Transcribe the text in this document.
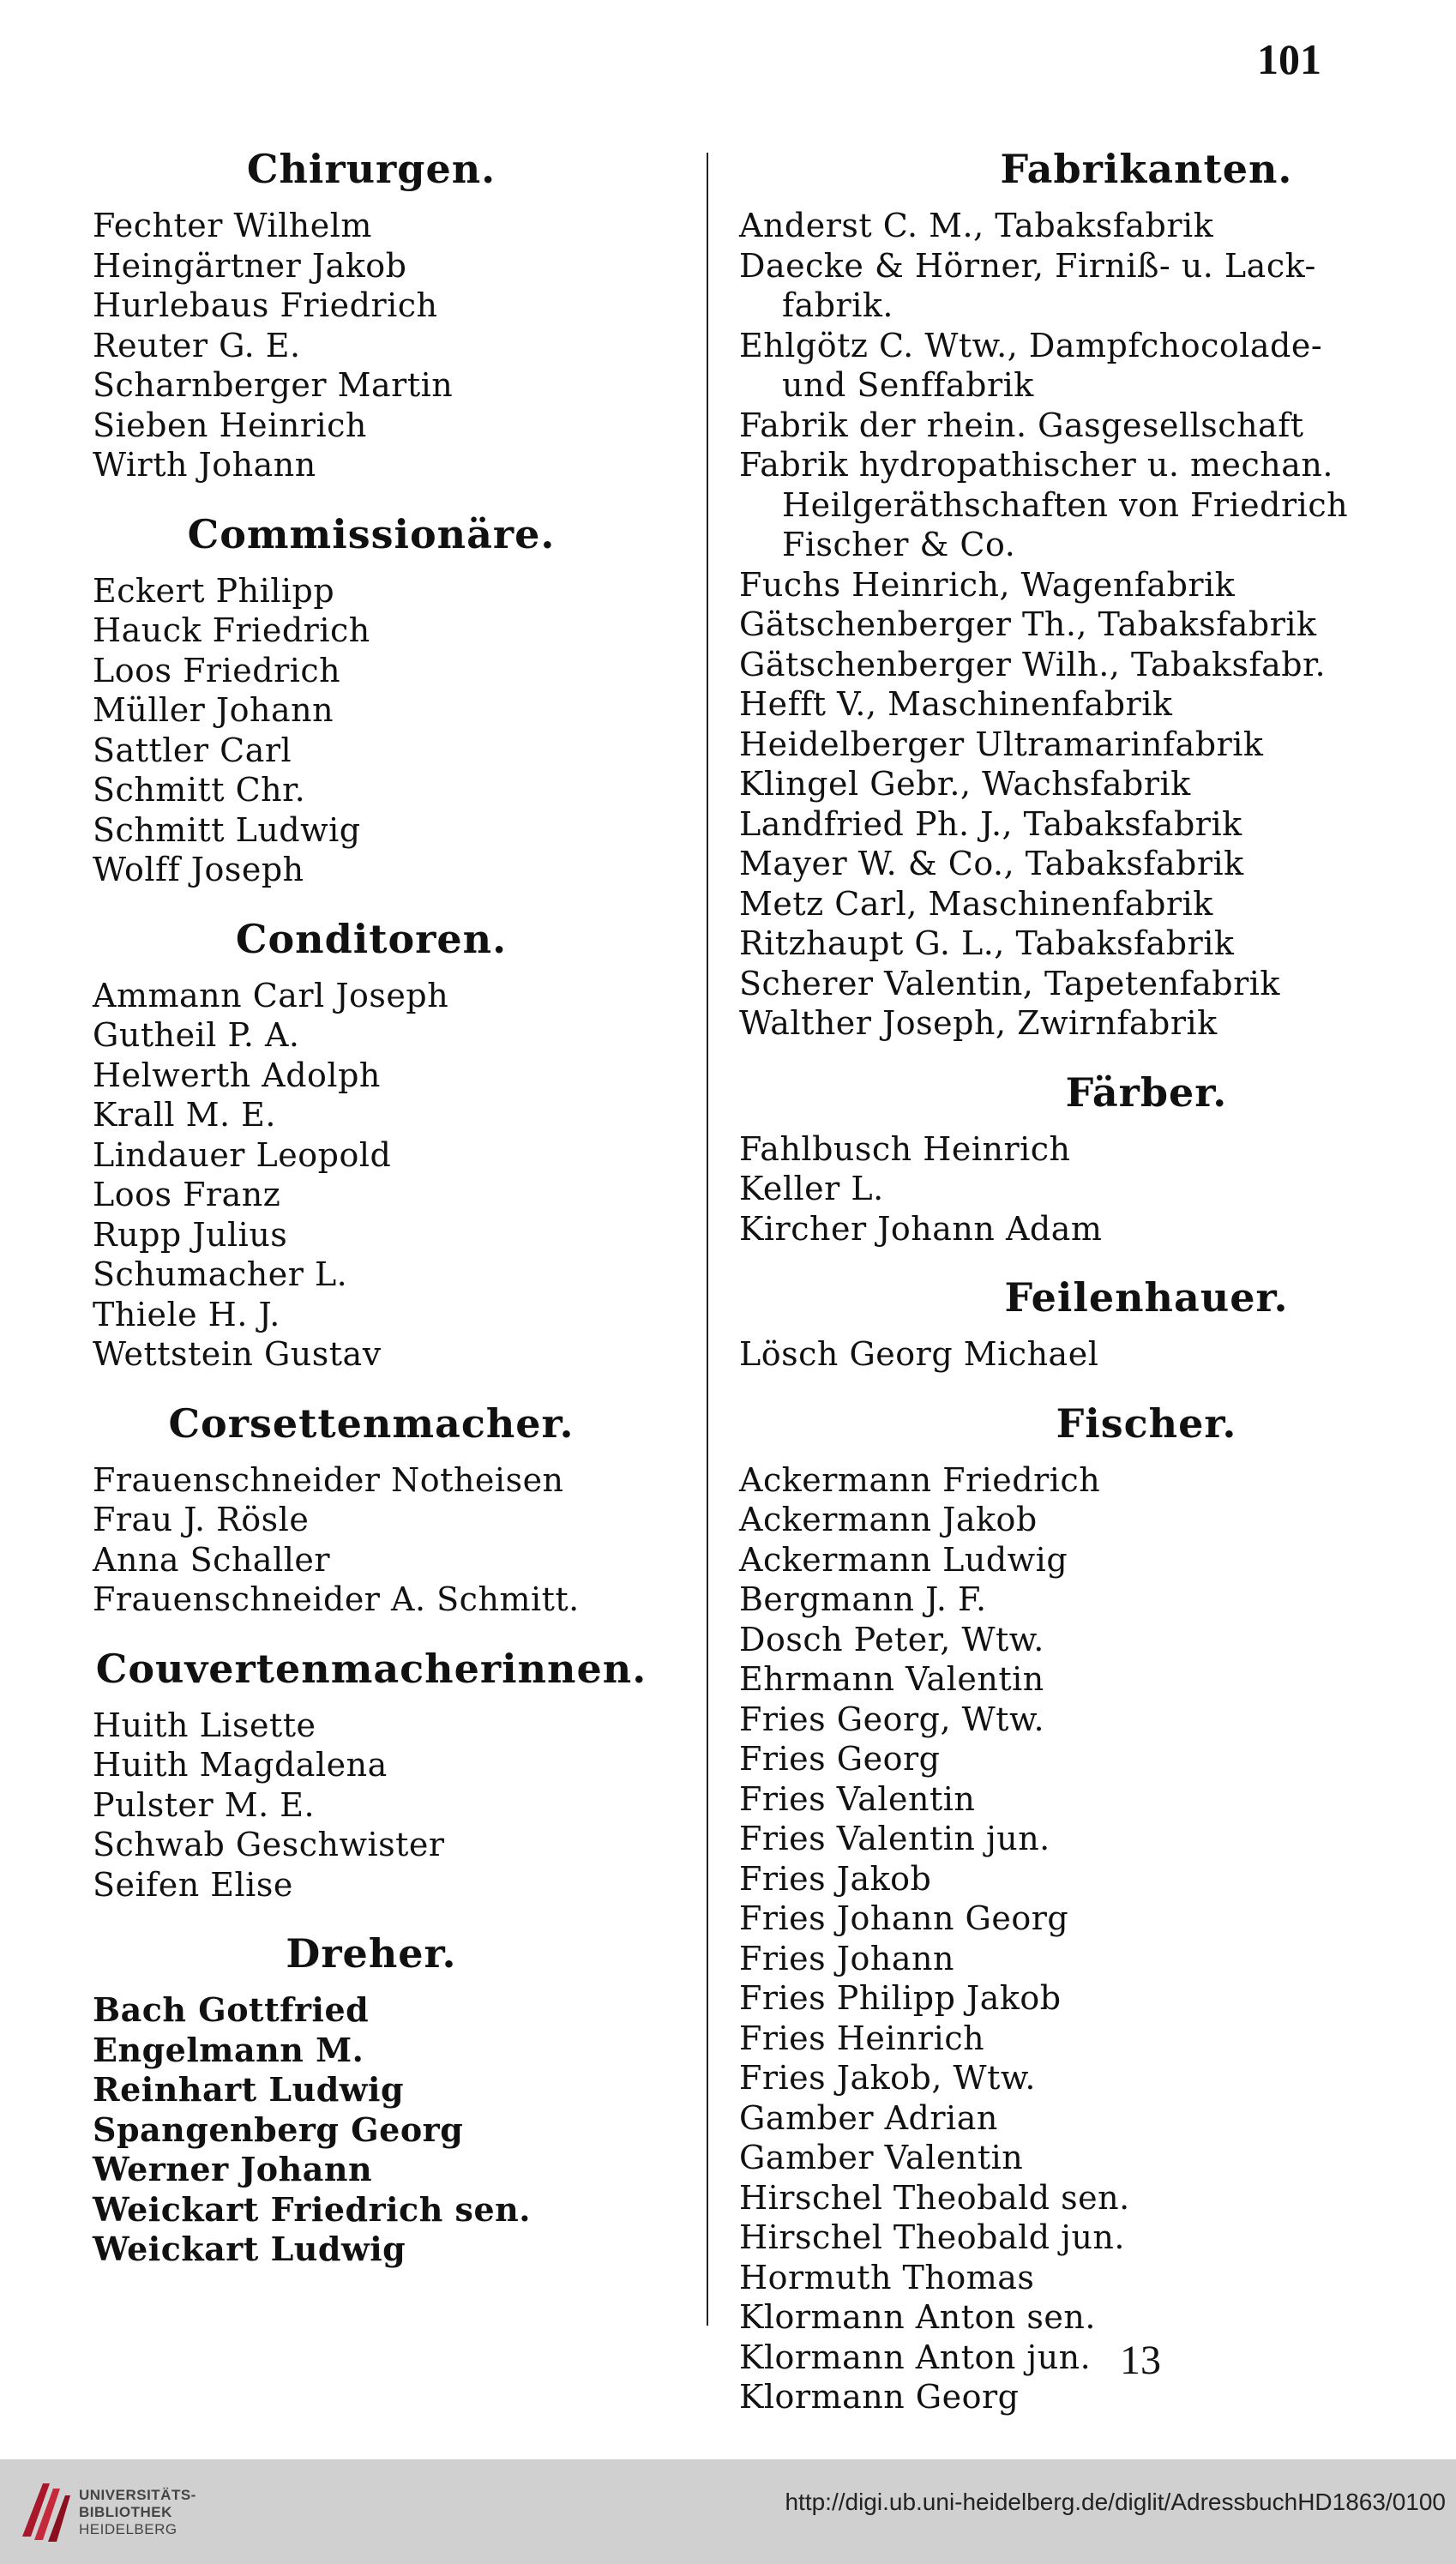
101
Chirurgen.
Fechter Wilhelm
Heingärtner Jakob
Hurlebaus Friedrich
Reuter G. E.
Scharnberger Martin
Sieben Heinrich
Wirth Johann
Commissionäre.
Eckert Philipp
Hauck Friedrich
Loos Friedrich
Müller Johann
Sattler Carl
Schmitt Chr.
Schmitt Ludwig
Wolff Joseph
Conditoren.
Ammann Carl Joseph
Gutheil P. A.
Helwerth Adolph
Krall M. E.
Lindauer Leopold
Loos Franz
Rupp Julius
Schumacher L.
Thiele H. J.
Wettstein Gustav
Corsettenmacher.
Frauenschneider Notheisen
Frau J. Rösle
Anna Schaller
Frauenschneider A. Schmitt.
Couvertenmacherinnen.
Huith Lisette
Huith Magdalena
Pulster M. E.
Schwab Geschwister
Seifen Elise
Dreher.
Bach Gottfried
Engelmann M.
Reinhart Ludwig
Spangenberg Georg
Werner Johann
Weickart Friedrich sen.
Weickart Ludwig
Fabrikanten.
Anderst C. M., Tabaksfabrik
Daecke & Hörner, Firniß- u. Lack-
fabrik.
Ehlgötz C. Wtw., Dampfchocolade-
und Senffabrik
Fabrik der rhein. Gasgesellschaft
Fabrik hydropathischer u. mechan.
Heilgeräthschaften von Friedrich
Fischer & Co.
Fuchs Heinrich, Wagenfabrik
Gätschenberger Th., Tabaksfabrik
Gätschenberger Wilh., Tabaksfabr.
Hefft V., Maschinenfabrik
Heidelberger Ultramarinfabrik
Klingel Gebr., Wachsfabrik
Landfried Ph. J., Tabaksfabrik
Mayer W. & Co., Tabaksfabrik
Metz Carl, Maschinenfabrik
Ritzhaupt G. L., Tabaksfabrik
Scherer Valentin, Tapetenfabrik
Walther Joseph, Zwirnfabrik
Färber.
Fahlbusch Heinrich
Keller L.
Kircher Johann Adam
Feilenhauer.
Lösch Georg Michael
Fischer.
Ackermann Friedrich
Ackermann Jakob
Ackermann Ludwig
Bergmann J. F.
Dosch Peter, Wtw.
Ehrmann Valentin
Fries Georg, Wtw.
Fries Georg
Fries Valentin
Fries Valentin jun.
Fries Jakob
Fries Johann Georg
Fries Johann
Fries Philipp Jakob
Fries Heinrich
Fries Jakob, Wtw.
Gamber Adrian
Gamber Valentin
Hirschel Theobald sen.
Hirschel Theobald jun.
Hormuth Thomas
Klormann Anton sen.
Klormann Anton jun.
Klormann Georg
13
UNIVERSITÄTS-
BIBLIOTHEK
HEIDELBERG
http://digi.ub.uni-heidelberg.de/diglit/AdressbuchHD1863/0100
